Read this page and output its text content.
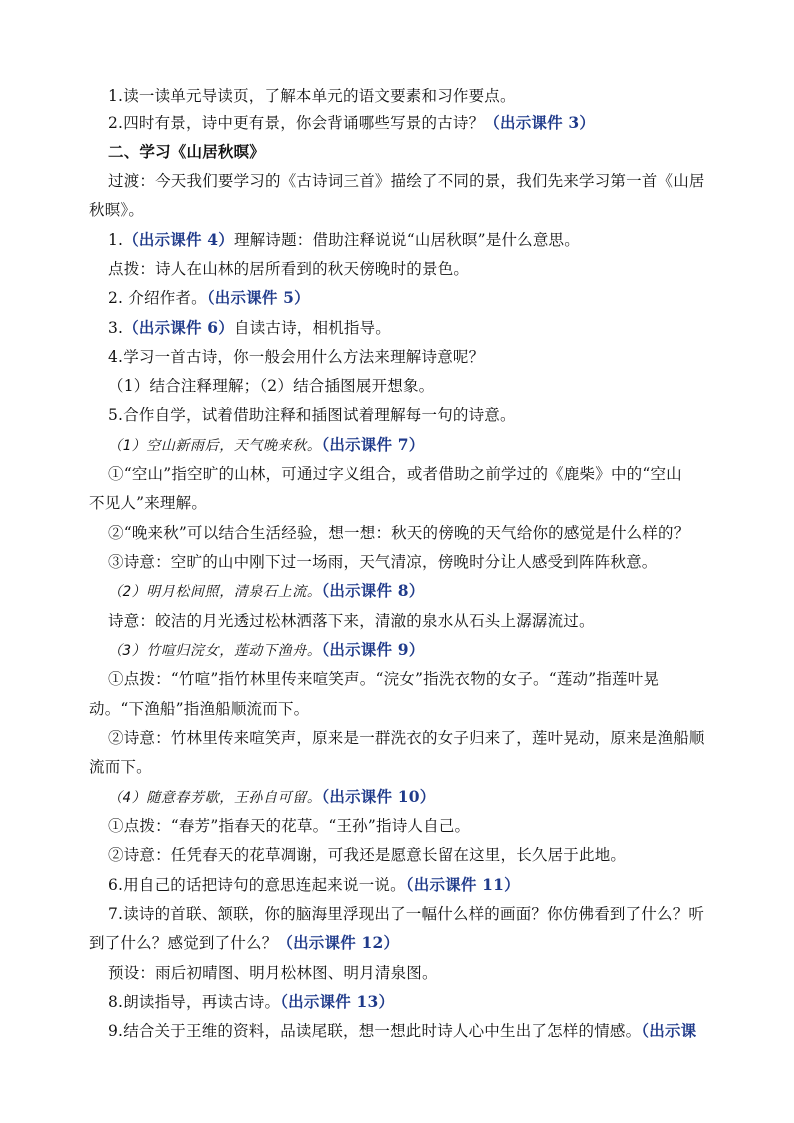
1.读一读单元导读页，了解本单元的语文要素和习作要点。
2.四时有景，诗中更有景，你会背诵哪些写景的古诗？（出示课件 3）
二、学习《山居秋暝》
过渡：今天我们要学习的《古诗词三首》描绘了不同的景，我们先来学习第一首《山居
秋暝》。
1.（出示课件 4）理解诗题：借助注释说说“山居秋暝”是什么意思。
点拨：诗人在山林的居所看到的秋天傍晚时的景色。
2. 介绍作者。（出示课件 5）
3.（出示课件 6）自读古诗，相机指导。
4.学习一首古诗，你一般会用什么方法来理解诗意呢？
（1）结合注释理解；（2）结合插图展开想象。
5.合作自学，试着借助注释和插图试着理解每一句的诗意。
（1）空山新雨后，天气晚来秋。（出示课件 7）
①“空山”指空旷的山林，可通过字义组合，或者借助之前学过的《鹿柴》中的“空山
不见人”来理解。
②“晚来秋”可以结合生活经验，想一想：秋天的傍晚的天气给你的感觉是什么样的？
③诗意：空旷的山中刚下过一场雨，天气清凉，傍晚时分让人感受到阵阵秋意。
（2）明月松间照，清泉石上流。（出示课件 8）
诗意：皎洁的月光透过松林洒落下来，清澈的泉水从石头上潺潺流过。
（3）竹喧归浣女，莲动下渔舟。（出示课件 9）
①点拨：“竹喧”指竹林里传来喧笑声。“浣女”指洗衣物的女子。“莲动”指莲叶晃
动。“下渔船”指渔船顺流而下。
②诗意：竹林里传来喧笑声，原来是一群洗衣的女子归来了，莲叶晃动，原来是渔船顺
流而下。
（4）随意春芳歇，王孙自可留。（出示课件 10）
①点拨：“春芳”指春天的花草。“王孙”指诗人自己。
②诗意：任凭春天的花草凋谢，可我还是愿意长留在这里，长久居于此地。
6.用自己的话把诗句的意思连起来说一说。（出示课件 11）
7.读诗的首联、颔联，你的脑海里浮现出了一幅什么样的画面？你仿佛看到了什么？听
到了什么？感觉到了什么？（出示课件 12）
预设：雨后初晴图、明月松林图、明月清泉图。
8.朗读指导，再读古诗。（出示课件 13）
9.结合关于王维的资料，品读尾联，想一想此时诗人心中生出了怎样的情感。（出示课
